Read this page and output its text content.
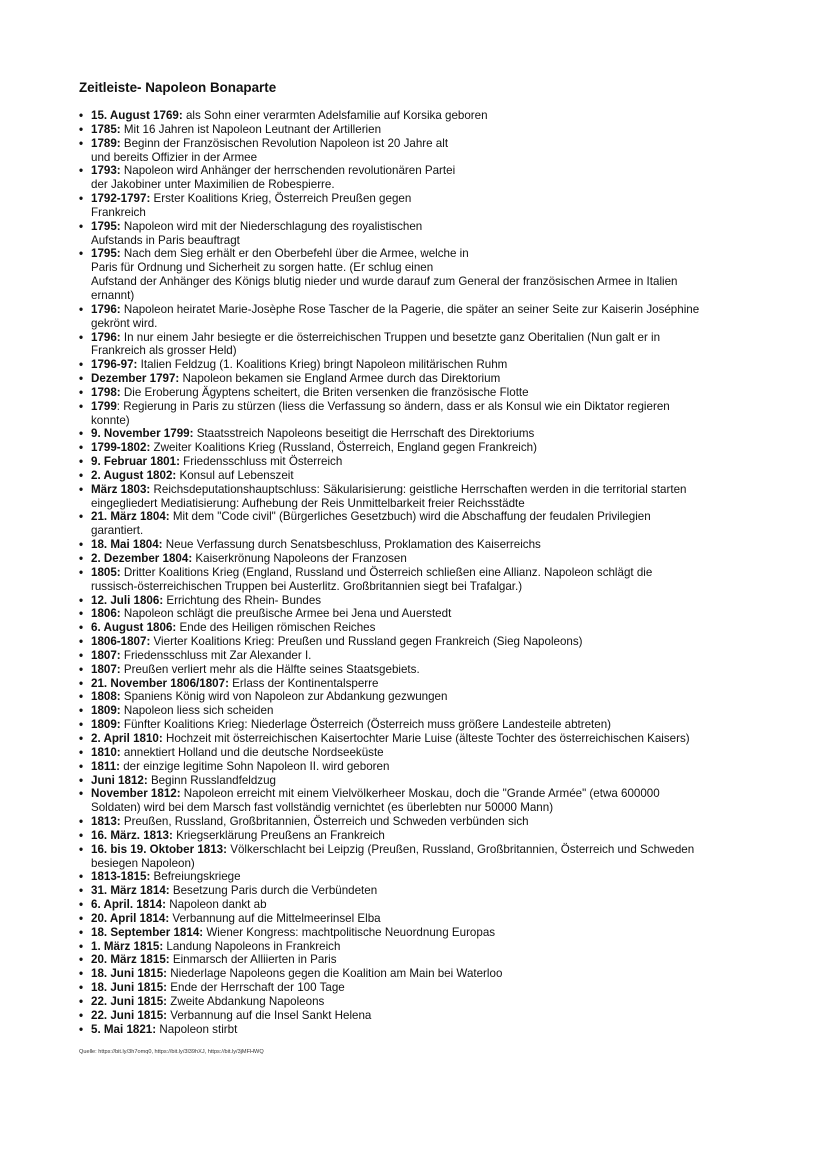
Zeitleiste- Napoleon Bonaparte
• 15. August 1769: als Sohn einer verarmten Adelsfamilie auf Korsika geboren
• 1785: Mit 16 Jahren ist Napoleon Leutnant der Artillerien
• 1789: Beginn der Französischen Revolution Napoleon ist 20 Jahre alt
und bereits Offizier in der Armee
• 1793: Napoleon wird Anhänger der herrschenden revolutionären Partei
der Jakobiner unter Maximilien de Robespierre.
• 1792-1797: Erster Koalitions Krieg, Österreich Preußen gegen
Frankreich
• 1795: Napoleon wird mit der Niederschlagung des royalistischen
Aufstands in Paris beauftragt
• 1795: Nach dem Sieg erhält er den Oberbefehl über die Armee, welche in
Paris für Ordnung und Sicherheit zu sorgen hatte. (Er schlug einen
Aufstand der Anhänger des Königs blutig nieder und wurde darauf zum General der französischen Armee in Italien
ernannt)
• 1796: Napoleon heiratet Marie-Josèphe Rose Tascher de la Pagerie, die später an seiner Seite zur Kaiserin Joséphine
gekrönt wird.
• 1796: In nur einem Jahr besiegte er die österreichischen Truppen und besetzte ganz Oberitalien (Nun galt er in
Frankreich als grosser Held)
• 1796-97: Italien Feldzug (1. Koalitions Krieg) bringt Napoleon militärischen Ruhm
• Dezember 1797: Napoleon bekamen sie England Armee durch das Direktorium
• 1798: Die Eroberung Ägyptens scheitert, die Briten versenken die französische Flotte
• 1799: Regierung in Paris zu stürzen (liess die Verfassung so ändern, dass er als Konsul wie ein Diktator regieren
konnte)
• 9. November 1799: Staatsstreich Napoleons beseitigt die Herrschaft des Direktoriums
• 1799-1802: Zweiter Koalitions Krieg (Russland, Österreich, England gegen Frankreich)
• 9. Februar 1801: Friedensschluss mit Österreich
• 2. August 1802: Konsul auf Lebenszeit
• März 1803: Reichsdeputationshauptschluss: Säkularisierung: geistliche Herrschaften werden in die territorial starten
eingegliedert Mediatisierung: Aufhebung der Reis Unmittelbarkeit freier Reichsstädte
• 21. März 1804: Mit dem "Code civil" (Bürgerliches Gesetzbuch) wird die Abschaffung der feudalen Privilegien
garantiert.
• 18. Mai 1804: Neue Verfassung durch Senatsbeschluss, Proklamation des Kaiserreichs
• 2. Dezember 1804: Kaiserkrönung Napoleons der Franzosen
• 1805: Dritter Koalitions Krieg (England, Russland und Österreich schließen eine Allianz. Napoleon schlägt die
russisch-österreichischen Truppen bei Austerlitz. Großbritannien siegt bei Trafalgar.)
• 12. Juli 1806: Errichtung des Rhein- Bundes
• 1806: Napoleon schlägt die preußische Armee bei Jena und Auerstedt
• 6. August 1806: Ende des Heiligen römischen Reiches
• 1806-1807: Vierter Koalitions Krieg: Preußen und Russland gegen Frankreich (Sieg Napoleons)
• 1807: Friedensschluss mit Zar Alexander I.
• 1807: Preußen verliert mehr als die Hälfte seines Staatsgebiets.
• 21. November 1806/1807: Erlass der Kontinentalsperre
• 1808: Spaniens König wird von Napoleon zur Abdankung gezwungen
• 1809: Napoleon liess sich scheiden
• 1809: Fünfter Koalitions Krieg: Niederlage Österreich (Österreich muss größere Landesteile abtreten)
• 2. April 1810: Hochzeit mit österreichischen Kaisertochter Marie Luise (älteste Tochter des österreichischen Kaisers)
• 1810: annektiert Holland und die deutsche Nordseeküste
• 1811: der einzige legitime Sohn Napoleon II. wird geboren
• Juni 1812: Beginn Russlandfeldzug
• November 1812: Napoleon erreicht mit einem Vielvölkerheer Moskau, doch die "Grande Armée" (etwa 600000
Soldaten) wird bei dem Marsch fast vollständig vernichtet (es überlebten nur 50000 Mann)
• 1813: Preußen, Russland, Großbritannien, Österreich und Schweden verbünden sich
• 16. März. 1813: Kriegserklärung Preußens an Frankreich
• 16. bis 19. Oktober 1813: Völkerschlacht bei Leipzig (Preußen, Russland, Großbritannien, Österreich und Schweden
besiegen Napoleon)
• 1813-1815: Befreiungskriege
• 31. März 1814: Besetzung Paris durch die Verbündeten
• 6. April. 1814: Napoleon dankt ab
• 20. April 1814: Verbannung auf die Mittelmeerinsel Elba
• 18. September 1814: Wiener Kongress: machtpolitische Neuordnung Europas
• 1. März 1815: Landung Napoleons in Frankreich
• 20. März 1815: Einmarsch der Alliierten in Paris
• 18. Juni 1815: Niederlage Napoleons gegen die Koalition am Main bei Waterloo
• 18. Juni 1815: Ende der Herrschaft der 100 Tage
• 22. Juni 1815: Zweite Abdankung Napoleons
• 22. Juni 1815: Verbannung auf die Insel Sankt Helena
• 5. Mai 1821: Napoleon stirbt
Quelle: https://bit.ly/3h7omq0, https://bit.ly/3l39hXJ, https://bit.ly/3jMFHWQ
